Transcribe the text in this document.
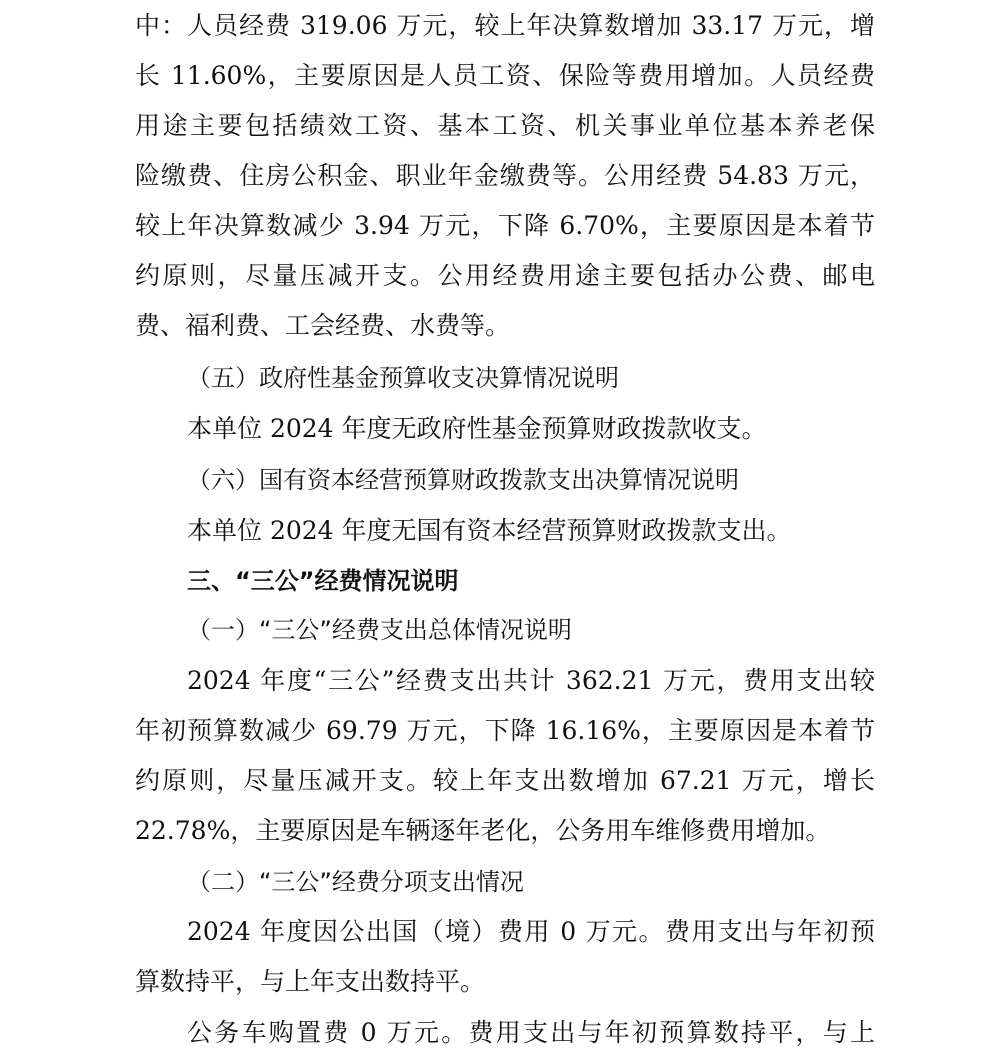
中：人员经费 319.06 万元，较上年决算数增加 33.17 万元，增
长 11.60%，主要原因是人员工资、保险等费用增加。人员经费
用途主要包括绩效工资、基本工资、机关事业单位基本养老保
险缴费、住房公积金、职业年金缴费等。公用经费 54.83 万元，
较上年决算数减少 3.94 万元，下降 6.70%，主要原因是本着节
约原则，尽量压减开支。公用经费用途主要包括办公费、邮电
费、福利费、工会经费、水费等。
（五）政府性基金预算收支决算情况说明
本单位 2024 年度无政府性基金预算财政拨款收支。
（六）国有资本经营预算财政拨款支出决算情况说明
本单位 2024 年度无国有资本经营预算财政拨款支出。
三、“三公”经费情况说明
（一）“三公”经费支出总体情况说明
2024 年度“三公”经费支出共计 362.21 万元，费用支出较
年初预算数减少 69.79 万元，下降 16.16%，主要原因是本着节
约原则，尽量压减开支。较上年支出数增加 67.21 万元，增长
22.78%，主要原因是车辆逐年老化，公务用车维修费用增加。
（二）“三公”经费分项支出情况
2024 年度因公出国（境）费用 0 万元。费用支出与年初预
算数持平，与上年支出数持平。
公务车购置费 0 万元。费用支出与年初预算数持平，与上
